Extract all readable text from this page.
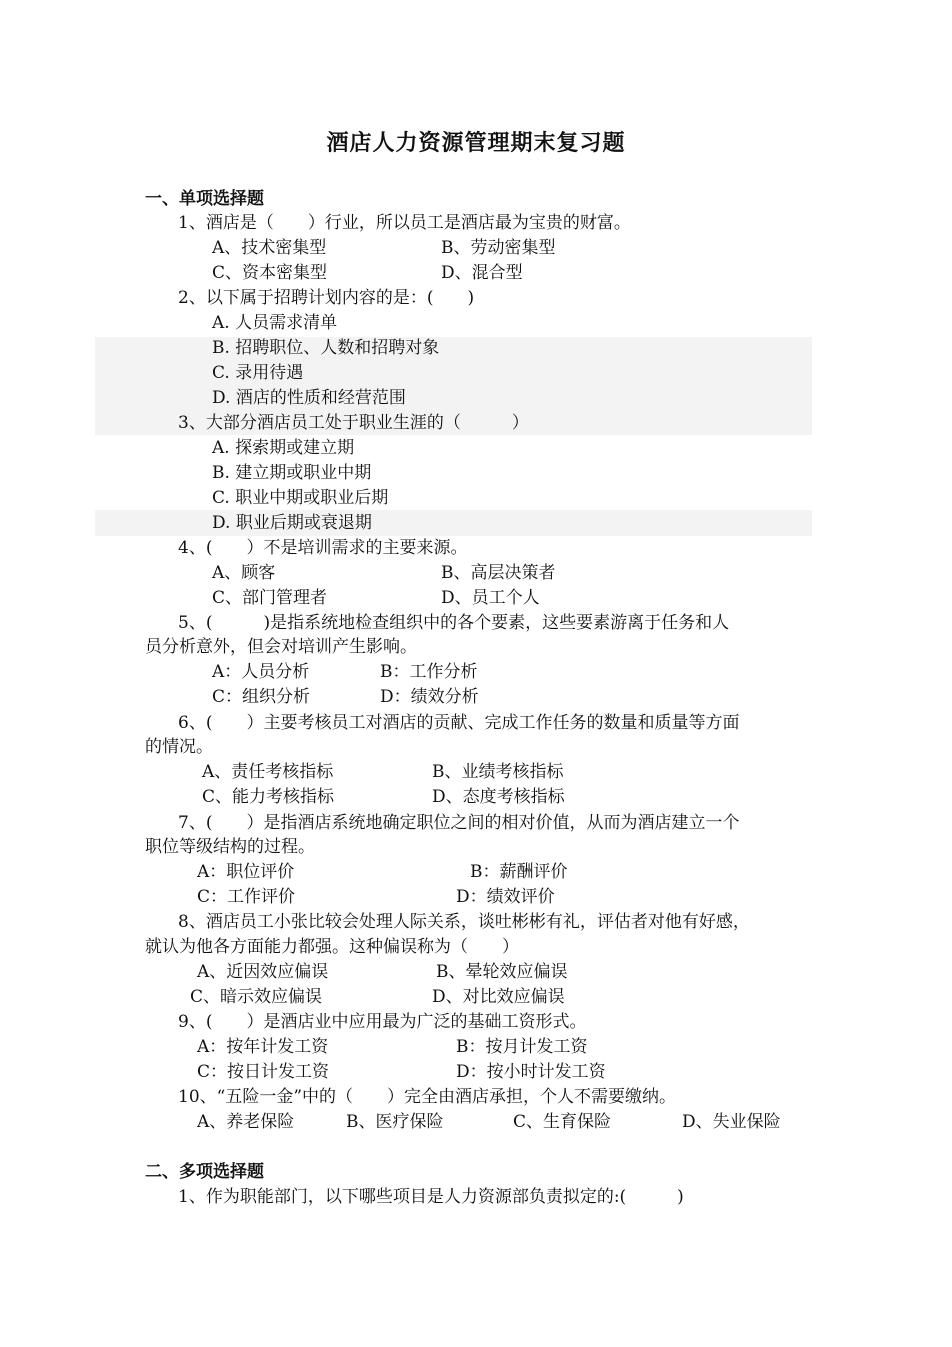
酒店人力资源管理期末复习题
一、单项选择题
1、酒店是（　　）行业，所以员工是酒店最为宝贵的财富。
A、技术密集型	B、劳动密集型
C、资本密集型	D、混合型
2、以下属于招聘计划内容的是：(　　)
A. 人员需求清单
B. 招聘职位、人数和招聘对象
C. 录用待遇
D. 酒店的性质和经营范围
3、大部分酒店员工处于职业生涯的（　　　）
A. 探索期或建立期
B. 建立期或职业中期
C. 职业中期或职业后期
D. 职业后期或衰退期
4、(　　）不是培训需求的主要来源。
A、顾客	B、高层决策者
C、部门管理者	D、员工个人
5、(　　　)是指系统地检查组织中的各个要素，这些要素游离于任务和人
员分析意外，但会对培训产生影响。
A：人员分析	B：工作分析
C：组织分析	D：绩效分析
6、(　　）主要考核员工对酒店的贡献、完成工作任务的数量和质量等方面
的情况。
A、责任考核指标	B、业绩考核指标
C、能力考核指标	D、态度考核指标
7、(　　）是指酒店系统地确定职位之间的相对价值，从而为酒店建立一个
职位等级结构的过程。
A：职位评价	B：薪酬评价
C：工作评价	D：绩效评价
8、酒店员工小张比较会处理人际关系，谈吐彬彬有礼，评估者对他有好感，
就认为他各方面能力都强。这种偏误称为（　　）
A、近因效应偏误	B、晕轮效应偏误
C、暗示效应偏误	D、对比效应偏误
9、(　　）是酒店业中应用最为广泛的基础工资形式。
A：按年计发工资	B：按月计发工资
C：按日计发工资	D：按小时计发工资
10、“五险一金”中的（　　）完全由酒店承担，个人不需要缴纳。
A、养老保险	B、医疗保险	C、生育保险	D、失业保险
二、多项选择题
1、作为职能部门，以下哪些项目是人力资源部负责拟定的:(　　　)
